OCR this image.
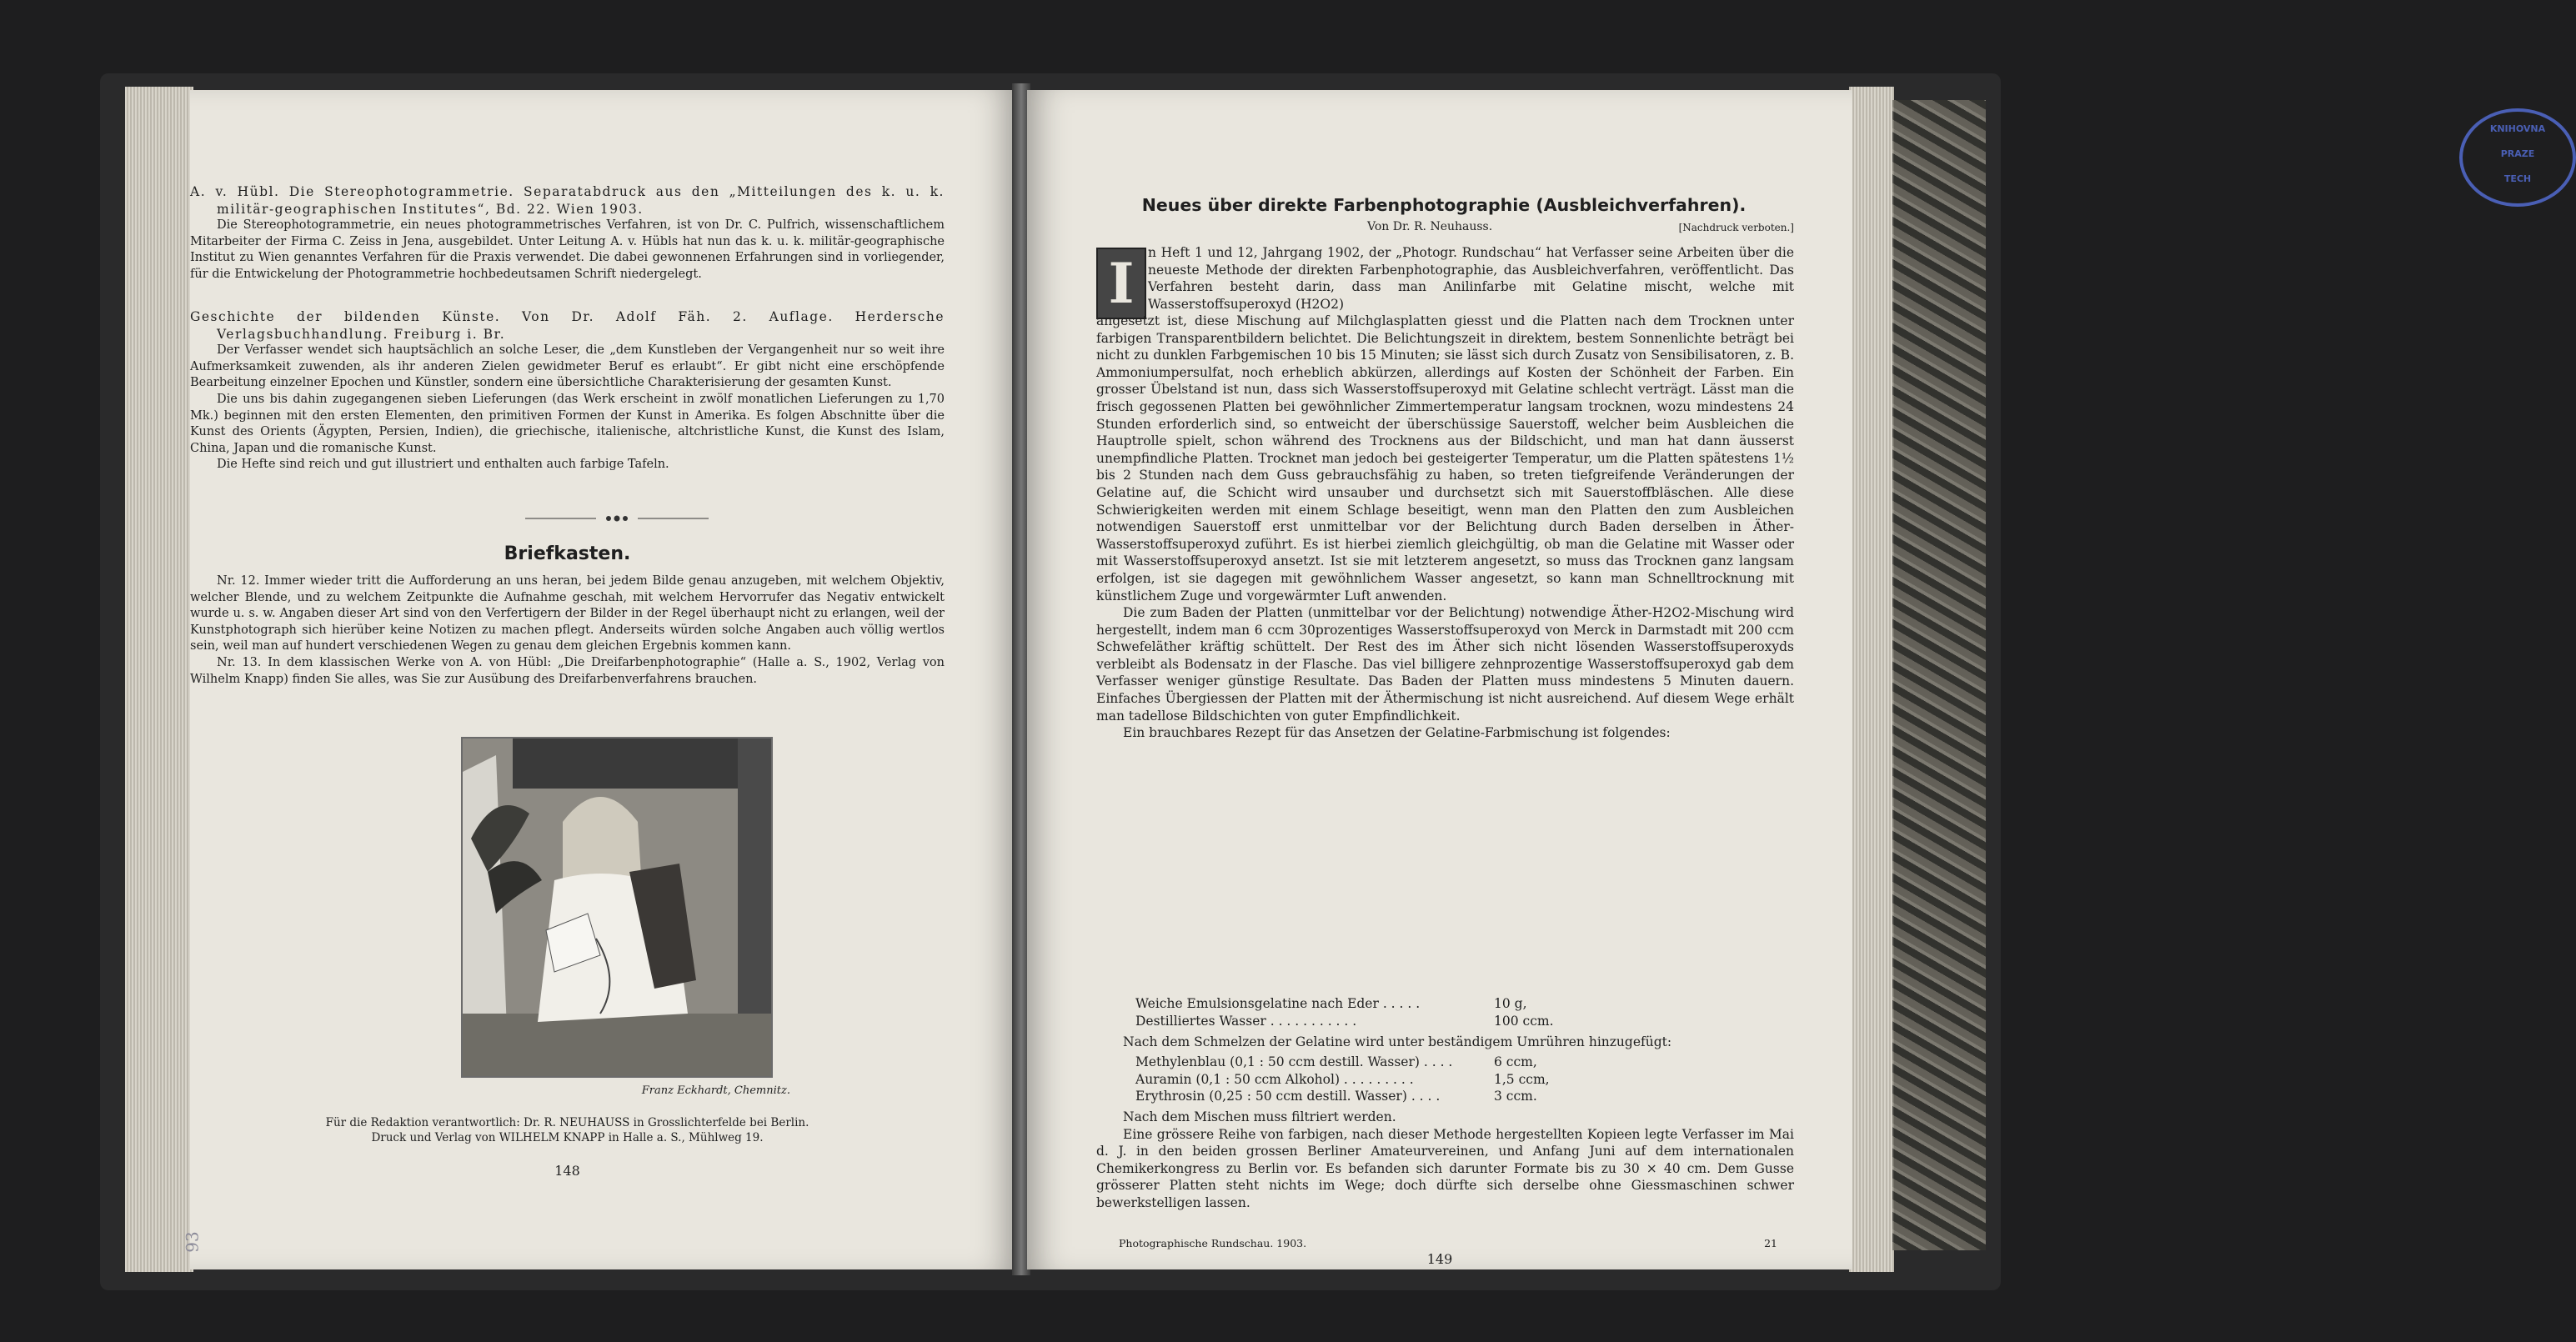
A. v. Hübl. Die Stereophotogrammetrie. Separatabdruck aus den „Mitteilungen des k. u. k. militär-geographischen Institutes“, Bd. 22. Wien 1903.

Die Stereophotogrammetrie, ein neues photogrammetrisches Verfahren, ist von Dr. C. Pulfrich, wissenschaftlichem Mitarbeiter der Firma C. Zeiss in Jena, ausgebildet. Unter Leitung A. v. Hübls hat nun das k. u. k. militär-geographische Institut zu Wien genanntes Verfahren für die Praxis verwendet. Die dabei gewonnenen Erfahrungen sind in vorliegender, für die Entwickelung der Photogrammetrie hochbedeutsamen Schrift niedergelegt.

Geschichte der bildenden Künste. Von Dr. Adolf Fäh. 2. Auflage. Herdersche Verlagsbuchhandlung. Freiburg i. Br.

Der Verfasser wendet sich hauptsächlich an solche Leser, die „dem Kunstleben der Vergangenheit nur so weit ihre Aufmerksamkeit zuwenden, als ihr anderen Zielen gewidmeter Beruf es erlaubt“. Er gibt nicht eine erschöpfende Bearbeitung einzelner Epochen und Künstler, sondern eine übersichtliche Charakterisierung der gesamten Kunst.

Die uns bis dahin zugegangenen sieben Lieferungen (das Werk erscheint in zwölf monatlichen Lieferungen zu 1,70 Mk.) beginnen mit den ersten Elementen, den primitiven Formen der Kunst in Amerika. Es folgen Abschnitte über die Kunst des Orients (Ägypten, Persien, Indien), die griechische, italienische, altchristliche Kunst, die Kunst des Islam, China, Japan und die romanische Kunst.

Die Hefte sind reich und gut illustriert und enthalten auch farbige Tafeln.

Briefkasten.

Nr. 12. Immer wieder tritt die Aufforderung an uns heran, bei jedem Bilde genau anzugeben, mit welchem Objektiv, welcher Blende, und zu welchem Zeitpunkte die Aufnahme geschah, mit welchem Hervorrufer das Negativ entwickelt wurde u. s. w. Angaben dieser Art sind von den Verfertigern der Bilder in der Regel überhaupt nicht zu erlangen, weil der Kunstphotograph sich hierüber keine Notizen zu machen pflegt. Anderseits würden solche Angaben auch völlig wertlos sein, weil man auf hundert verschiedenen Wegen zu genau dem gleichen Ergebnis kommen kann.

Nr. 13. In dem klassischen Werke von A. von Hübl: „Die Dreifarbenphotographie“ (Halle a. S., 1902, Verlag von Wilhelm Knapp) finden Sie alles, was Sie zur Ausübung des Dreifarbenverfahrens brauchen.

Franz Eckhardt, Chemnitz.
Für die Redaktion verantwortlich: Dr. R. NEUHAUSS in Grosslichterfelde bei Berlin.
Druck und Verlag von WILHELM KNAPP in Halle a. S., Mühlweg 19.
148
93
KNIHOVNA
PRAZE
TECH
Neues über direkte Farbenphotographie (Ausbleichverfahren).
Von Dr. R. Neuhauss.	[Nachdruck verboten.]
I	n Heft 1 und 12, Jahrgang 1902, der „Photogr. Rundschau“ hat Verfasser seine Arbeiten über die neueste Methode der direkten Farbenphotographie, das Ausbleichverfahren, veröffentlicht. Das Verfahren besteht darin, dass man Anilinfarbe mit Gelatine mischt, welche mit Wasserstoffsuperoxyd (H2O2)

angesetzt ist, diese Mischung auf Milchglasplatten giesst und die Platten nach dem Trocknen unter farbigen Transparentbildern belichtet. Die Belichtungszeit in direktem, bestem Sonnenlichte beträgt bei nicht zu dunklen Farbgemischen 10 bis 15 Minuten; sie lässt sich durch Zusatz von Sensibilisatoren, z. B. Ammoniumpersulfat, noch erheblich abkürzen, allerdings auf Kosten der Schönheit der Farben. Ein grosser Übelstand ist nun, dass sich Wasserstoffsuperoxyd mit Gelatine schlecht verträgt. Lässt man die frisch gegossenen Platten bei gewöhnlicher Zimmertemperatur langsam trocknen, wozu mindestens 24 Stunden erforderlich sind, so entweicht der überschüssige Sauerstoff, welcher beim Ausbleichen die Hauptrolle spielt, schon während des Trocknens aus der Bildschicht, und man hat dann äusserst unempfindliche Platten. Trocknet man jedoch bei gesteigerter Temperatur, um die Platten spätestens 1½ bis 2 Stunden nach dem Guss gebrauchsfähig zu haben, so treten tiefgreifende Veränderungen der Gelatine auf, die Schicht wird unsauber und durchsetzt sich mit Sauerstoffbläschen. Alle diese Schwierigkeiten werden mit einem Schlage beseitigt, wenn man den Platten den zum Ausbleichen notwendigen Sauerstoff erst unmittelbar vor der Belichtung durch Baden derselben in Äther-Wasserstoffsuperoxyd zuführt. Es ist hierbei ziemlich gleichgültig, ob man die Gelatine mit Wasser oder mit Wasserstoffsuperoxyd ansetzt. Ist sie mit letzterem angesetzt, so muss das Trocknen ganz langsam erfolgen, ist sie dagegen mit gewöhnlichem Wasser angesetzt, so kann man Schnelltrocknung mit künstlichem Zuge und vorgewärmter Luft anwenden.

Die zum Baden der Platten (unmittelbar vor der Belichtung) notwendige Äther-H2O2-Mischung wird hergestellt, indem man 6 ccm 30prozentiges Wasserstoffsuperoxyd von Merck in Darmstadt mit 200 ccm Schwefeläther kräftig schüttelt. Der Rest des im Äther sich nicht lösenden Wasserstoffsuperoxyds verbleibt als Bodensatz in der Flasche. Das viel billigere zehnprozentige Wasserstoffsuperoxyd gab dem Verfasser weniger günstige Resultate. Das Baden der Platten muss mindestens 5 Minuten dauern. Einfaches Übergiessen der Platten mit der Äthermischung ist nicht ausreichend. Auf diesem Wege erhält man tadellose Bildschichten von guter Empfindlichkeit.

Ein brauchbares Rezept für das Ansetzen der Gelatine-Farbmischung ist folgendes:

Weiche Emulsionsgelatine nach Eder . . . . .	10 g,
Destilliertes Wasser . . . . . . . . . . .	100 ccm.

Nach dem Schmelzen der Gelatine wird unter beständigem Umrühren hinzugefügt:

Methylenblau (0,1 : 50 ccm destill. Wasser) . . . .	6 ccm,
Auramin (0,1 : 50 ccm Alkohol) . . . . . . . . .	1,5 ccm,
Erythrosin (0,25 : 50 ccm destill. Wasser) . . . .	3 ccm.

Nach dem Mischen muss filtriert werden.

Eine grössere Reihe von farbigen, nach dieser Methode hergestellten Kopieen legte Verfasser im Mai d. J. in den beiden grossen Berliner Amateurvereinen, und Anfang Juni auf dem internationalen Chemikerkongress zu Berlin vor. Es befanden sich darunter Formate bis zu 30 × 40 cm. Dem Gusse grösserer Platten steht nichts im Wege; doch dürfte sich derselbe ohne Giessmaschinen schwer bewerkstelligen lassen.

Photographische Rundschau. 1903.	21
149
